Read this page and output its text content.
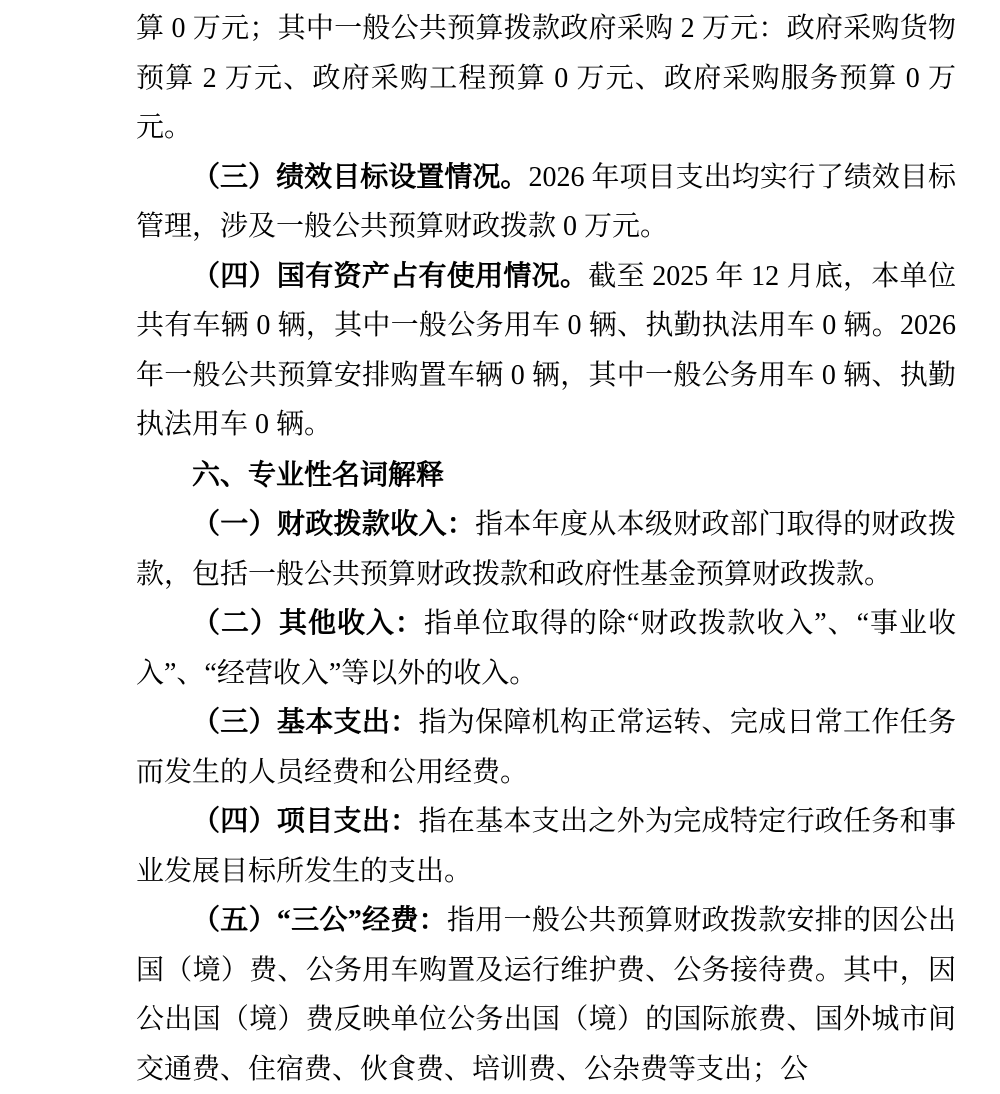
算 0 万元；其中一般公共预算拨款政府采购 2 万元：政府采购货物预算 2 万元、政府采购工程预算 0 万元、政府采购服务预算 0 万元。

（三）绩效目标设置情况。2026 年项目支出均实行了绩效目标管理，涉及一般公共预算财政拨款 0 万元。

（四）国有资产占有使用情况。截至 2025 年 12 月底，本单位共有车辆 0 辆，其中一般公务用车 0 辆、执勤执法用车 0 辆。2026 年一般公共预算安排购置车辆 0 辆，其中一般公务用车 0 辆、执勤执法用车 0 辆。

六、专业性名词解释

（一）财政拨款收入：指本年度从本级财政部门取得的财政拨款，包括一般公共预算财政拨款和政府性基金预算财政拨款。

（二）其他收入：指单位取得的除“财政拨款收入”、“事业收入”、“经营收入”等以外的收入。

（三）基本支出：指为保障机构正常运转、完成日常工作任务而发生的人员经费和公用经费。

（四）项目支出：指在基本支出之外为完成特定行政任务和事业发展目标所发生的支出。

（五）“三公”经费：指用一般公共预算财政拨款安排的因公出国（境）费、公务用车购置及运行维护费、公务接待费。其中，因公出国（境）费反映单位公务出国（境）的国际旅费、国外城市间交通费、住宿费、伙食费、培训费、公杂费等支出；公
